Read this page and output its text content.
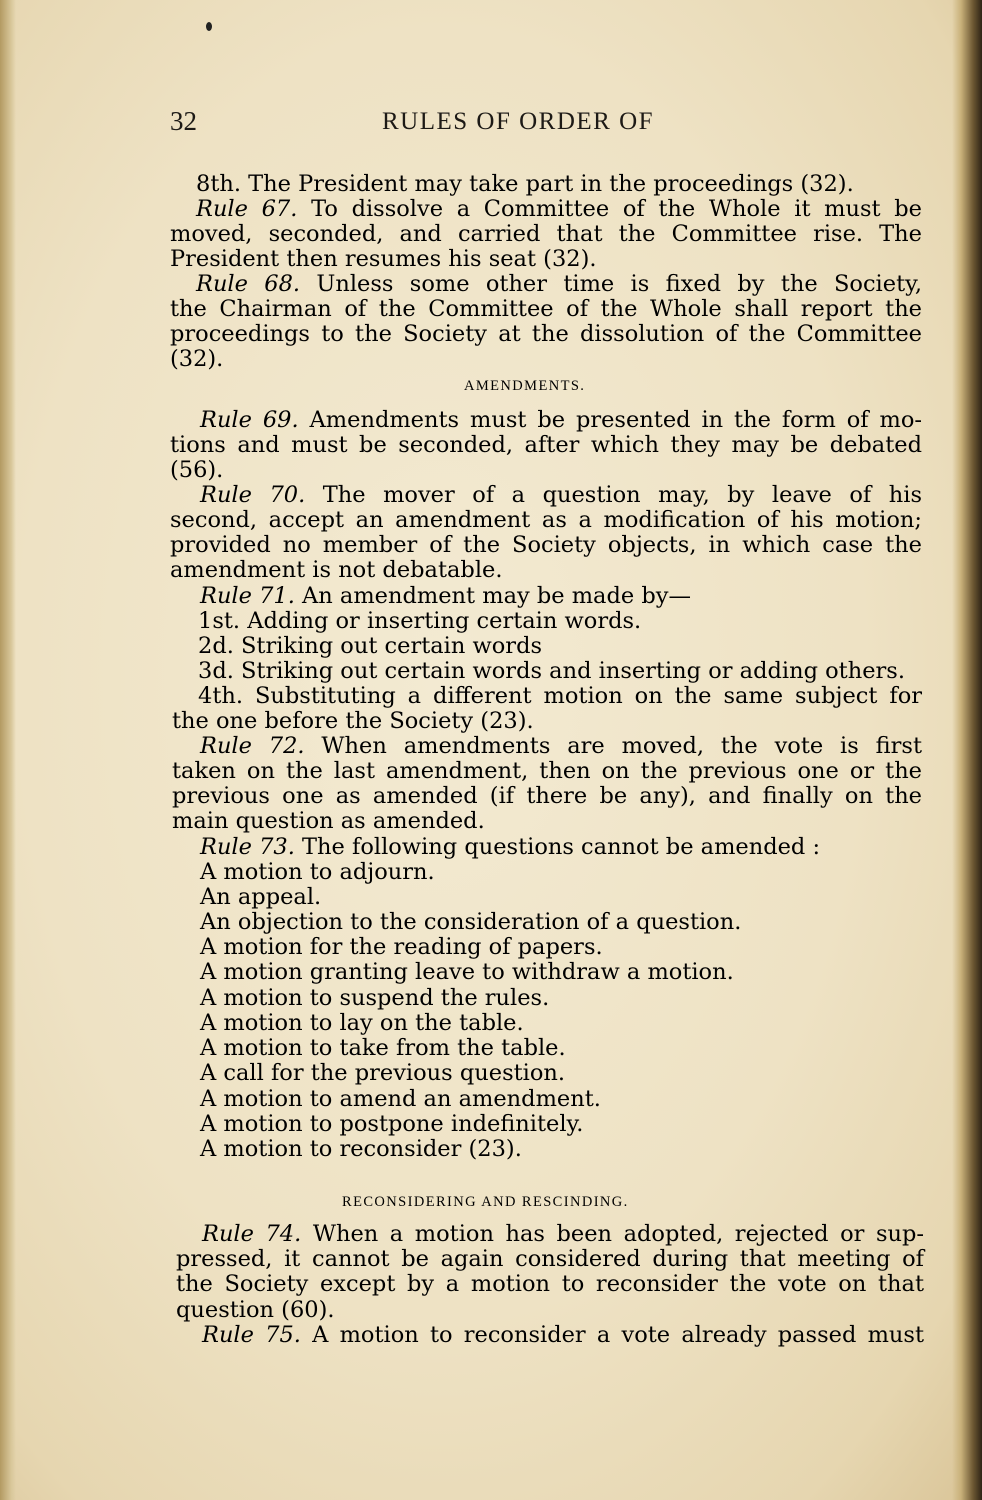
32	RULES OF ORDER OF
8th. The President may take part in the proceedings (32).
Rule 67. To dissolve a Committee of the Whole it must be
moved, seconded, and carried that the Committee rise. The
President then resumes his seat (32).
Rule 68. Unless some other time is fixed by the Society,
the Chairman of the Committee of the Whole shall report the
proceedings to the Society at the dissolution of the Committee
(32).
AMENDMENTS.
Rule 69. Amendments must be presented in the form of mo-
tions and must be seconded, after which they may be debated
(56).
Rule 70. The mover of a question may, by leave of his
second, accept an amendment as a modification of his motion;
provided no member of the Society objects, in which case the
amendment is not debatable.
Rule 71. An amendment may be made by—
1st. Adding or inserting certain words.
2d. Striking out certain words
3d. Striking out certain words and inserting or adding others.
4th. Substituting a different motion on the same subject for
the one before the Society (23).
Rule 72. When amendments are moved, the vote is first
taken on the last amendment, then on the previous one or the
previous one as amended (if there be any), and finally on the
main question as amended.
Rule 73. The following questions cannot be amended :
A motion to adjourn.
An appeal.
An objection to the consideration of a question.
A motion for the reading of papers.
A motion granting leave to withdraw a motion.
A motion to suspend the rules.
A motion to lay on the table.
A motion to take from the table.
A call for the previous question.
A motion to amend an amendment.
A motion to postpone indefinitely.
A motion to reconsider (23).
RECONSIDERING AND RESCINDING.
Rule 74. When a motion has been adopted, rejected or sup-
pressed, it cannot be again considered during that meeting of
the Society except by a motion to reconsider the vote on that
question (60).
Rule 75. A motion to reconsider a vote already passed must
